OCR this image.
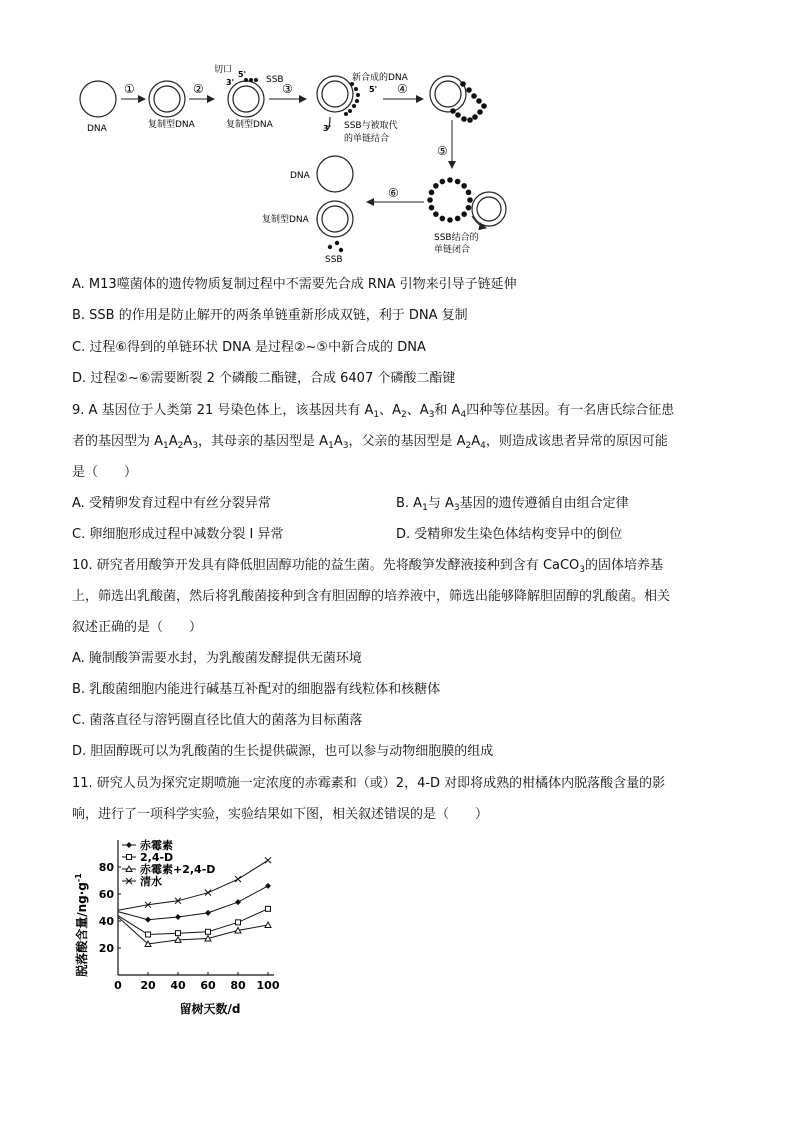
DNA
①
复制型DNA
②
切口
3'
5'
SSB
复制型DNA
③
新合成的DNA
5'
3' SSB与被取代
的单链结合
④
⑤
SSB结合的
单链闭合
⑥
DNA
复制型DNA
SSB
A. M13噬菌体的遗传物质复制过程中不需要先合成 RNA 引物来引导子链延伸
B. SSB 的作用是防止解开的两条单链重新形成双链，利于 DNA 复制
C. 过程⑥得到的单链环状 DNA 是过程②~⑤中新合成的 DNA
D. 过程②~⑥需要断裂 2 个磷酸二酯键，合成 6407 个磷酸二酯键
9. A 基因位于人类第 21 号染色体上，该基因共有 $A_1$、$A_2$、$A_3$和 $A_4$四种等位基因。有一名唐氏综合征患
者的基因型为 $A_1A_2A_3$，其母亲的基因型是 $A_1A_3$，父亲的基因型是 $A_2A_4$，则造成该患者异常的原因可能
是（　　）
A. 受精卵发育过程中有丝分裂异常	B. $A_1$与 $A_3$基因的遗传遵循自由组合定律
C. 卵细胞形成过程中减数分裂 I 异常	D. 受精卵发生染色体结构变异中的倒位
10. 研究者用酸笋开发具有降低胆固醇功能的益生菌。先将酸笋发酵液接种到含有 CaCO$_3$的固体培养基
上，筛选出乳酸菌，然后将乳酸菌接种到含有胆固醇的培养液中，筛选出能够降解胆固醇的乳酸菌。相关
叙述正确的是（　　）
A. 腌制酸笋需要水封，为乳酸菌发酵提供无菌环境
B. 乳酸菌细胞内能进行碱基互补配对的细胞器有线粒体和核糖体
C. 菌落直径与溶钙圈直径比值大的菌落为目标菌落
D. 胆固醇既可以为乳酸菌的生长提供碳源，也可以参与动物细胞膜的组成
11. 研究人员为探究定期喷施一定浓度的赤霉素和（或）2，4-D 对即将成熟的柑橘体内脱落酸含量的影
响，进行了一项科学实验，实验结果如下图，相关叙述错误的是（　　）
0 20 40 60 80 100
20
40
60
80
赤霉素
2,4-D
赤霉素+2,4-D
清水
留树天数/d
脱落酸含量$/ng\cdot g^{-1}$
